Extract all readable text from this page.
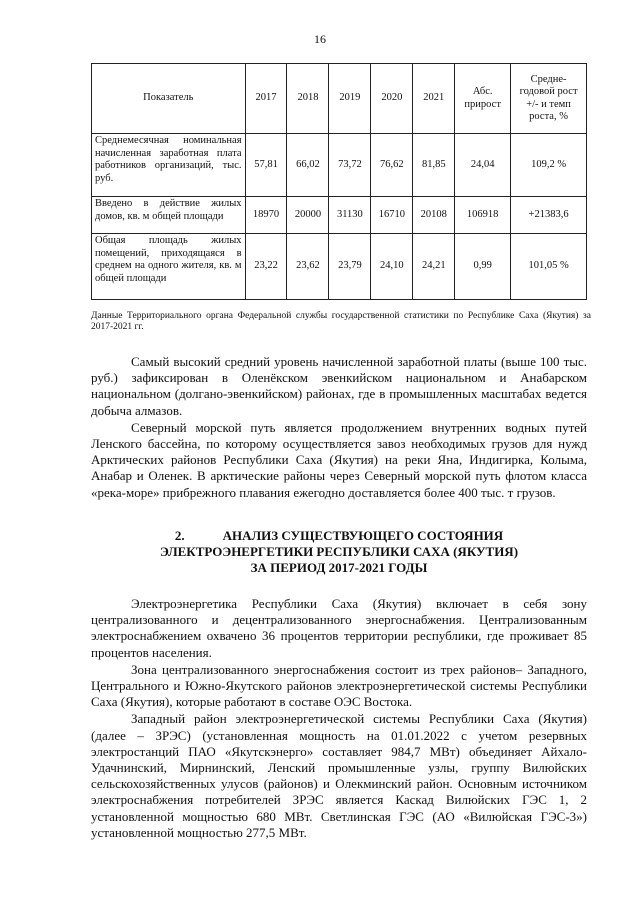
16
Показатель	2017	2018	2019	2020	2021	Абс. прирост	Средне-годовой рост +/- и темп роста, %
Среднемесячная номинальная начисленная заработная плата работников организаций, тыс. руб.	57,81	66,02	73,72	76,62	81,85	24,04	109,2 %
Введено в действие жилых домов, кв. м общей площади	18970	20000	31130	16710	20108	106918	+21383,6
Общая площадь жилых помещений, приходящаяся в среднем на одного жителя, кв. м общей площади	23,22	23,62	23,79	24,10	24,21	0,99	101,05 %
Данные Территориального органа Федеральной службы государственной статистики по Республике Саха (Якутия) за 2017-2021 гг.

Самый высокий средний уровень начисленной заработной платы (выше 100 тыс. руб.) зафиксирован в Оленёкском эвенкийском национальном и Анабарском национальном (долгано-эвенкийском) районах, где в промышленных масштабах ведется добыча алмазов.

Северный морской путь является продолжением внутренних водных путей Ленского бассейна, по которому осуществляется завоз необходимых грузов для нужд Арктических районов Республики Саха (Якутия) на реки Яна, Индигирка, Колыма, Анабар и Оленек. В арктические районы через Северный морской путь флотом класса «река-море» прибрежного плавания ежегодно доставляется более 400 тыс. т грузов.

2.	АНАЛИЗ СУЩЕСТВУЮЩЕГО СОСТОЯНИЯ
ЭЛЕКТРОЭНЕРГЕТИКИ РЕСПУБЛИКИ САХА (ЯКУТИЯ)
ЗА ПЕРИОД 2017-2021 ГОДЫ

Электроэнергетика Республики Саха (Якутия) включает в себя зону централизованного и децентрализованного энергоснабжения. Централизованным электроснабжением охвачено 36 процентов территории республики, где проживает 85 процентов населения.

Зона централизованного энергоснабжения состоит из трех районов– Западного, Центрального и Южно-Якутского районов электроэнергетической системы Республики Саха (Якутия), которые работают в составе ОЭС Востока.

Западный район электроэнергетической системы Республики Саха (Якутия) (далее – ЗРЭС) (установленная мощность на 01.01.2022 с учетом резервных электростанций ПАО «Якутскэнерго» составляет 984,7 МВт) объединяет Айхало-Удачнинский, Мирнинский, Ленский промышленные узлы, группу Вилюйских сельскохозяйственных улусов (районов) и Олекминский район. Основным источником электроснабжения потребителей ЗРЭС является Каскад Вилюйских ГЭС 1, 2 установленной мощностью 680 МВт. Светлинская ГЭС (АО «Вилюйская ГЭС-3») установленной мощностью 277,5 МВт.
